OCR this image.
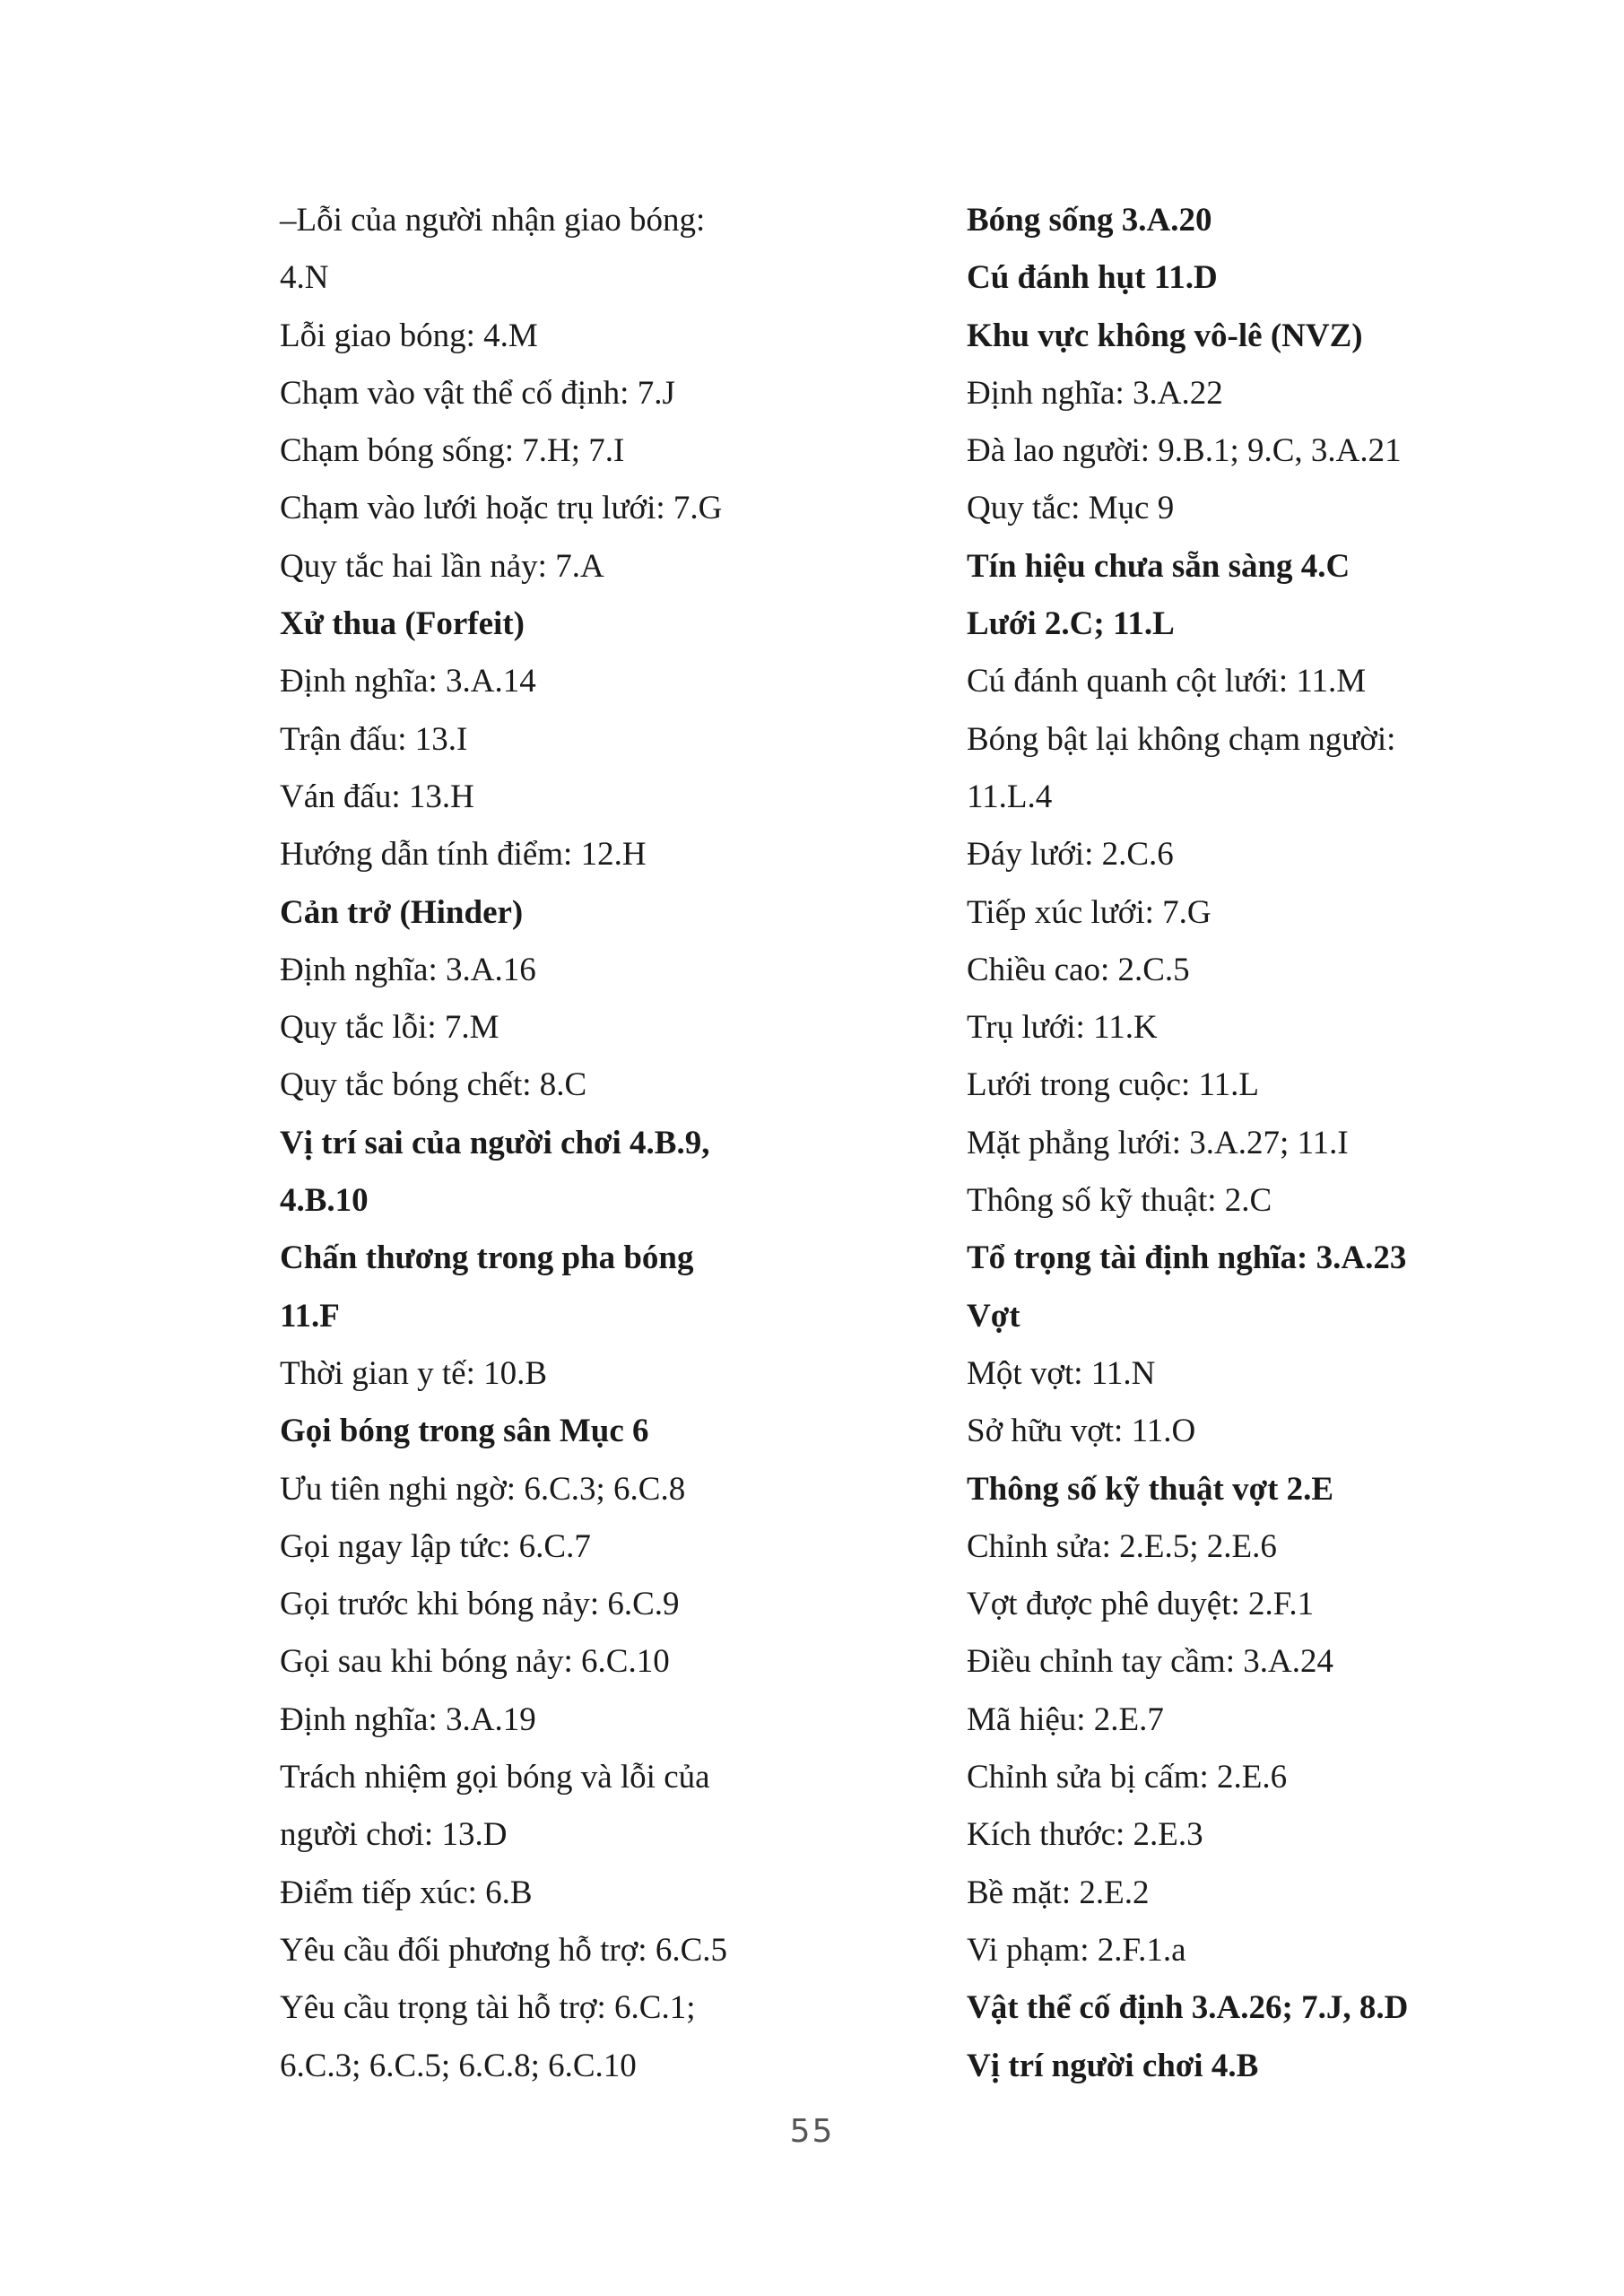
–Lỗi của người nhận giao bóng:
4.N
Lỗi giao bóng: 4.M
Chạm vào vật thể cố định: 7.J
Chạm bóng sống: 7.H; 7.I
Chạm vào lưới hoặc trụ lưới: 7.G
Quy tắc hai lần nảy: 7.A
Xử thua (Forfeit)
Định nghĩa: 3.A.14
Trận đấu: 13.I
Ván đấu: 13.H
Hướng dẫn tính điểm: 12.H
Cản trở (Hinder)
Định nghĩa: 3.A.16
Quy tắc lỗi: 7.M
Quy tắc bóng chết: 8.C
Vị trí sai của người chơi 4.B.9,
4.B.10
Chấn thương trong pha bóng
11.F
Thời gian y tế: 10.B
Gọi bóng trong sân Mục 6
Ưu tiên nghi ngờ: 6.C.3; 6.C.8
Gọi ngay lập tức: 6.C.7
Gọi trước khi bóng nảy: 6.C.9
Gọi sau khi bóng nảy: 6.C.10
Định nghĩa: 3.A.19
Trách nhiệm gọi bóng và lỗi của
người chơi: 13.D
Điểm tiếp xúc: 6.B
Yêu cầu đối phương hỗ trợ: 6.C.5
Yêu cầu trọng tài hỗ trợ: 6.C.1;
6.C.3; 6.C.5; 6.C.8; 6.C.10
Bóng sống 3.A.20
Cú đánh hụt 11.D
Khu vực không vô-lê (NVZ)
Định nghĩa: 3.A.22
Đà lao người: 9.B.1; 9.C, 3.A.21
Quy tắc: Mục 9
Tín hiệu chưa sẵn sàng 4.C
Lưới 2.C; 11.L
Cú đánh quanh cột lưới: 11.M
Bóng bật lại không chạm người:
11.L.4
Đáy lưới: 2.C.6
Tiếp xúc lưới: 7.G
Chiều cao: 2.C.5
Trụ lưới: 11.K
Lưới trong cuộc: 11.L
Mặt phẳng lưới: 3.A.27; 11.I
Thông số kỹ thuật: 2.C
Tổ trọng tài định nghĩa: 3.A.23
Vợt
Một vợt: 11.N
Sở hữu vợt: 11.O
Thông số kỹ thuật vợt 2.E
Chỉnh sửa: 2.E.5; 2.E.6
Vợt được phê duyệt: 2.F.1
Điều chỉnh tay cầm: 3.A.24
Mã hiệu: 2.E.7
Chỉnh sửa bị cấm: 2.E.6
Kích thước: 2.E.3
Bề mặt: 2.E.2
Vi phạm: 2.F.1.a
Vật thể cố định 3.A.26; 7.J, 8.D
Vị trí người chơi 4.B
55
